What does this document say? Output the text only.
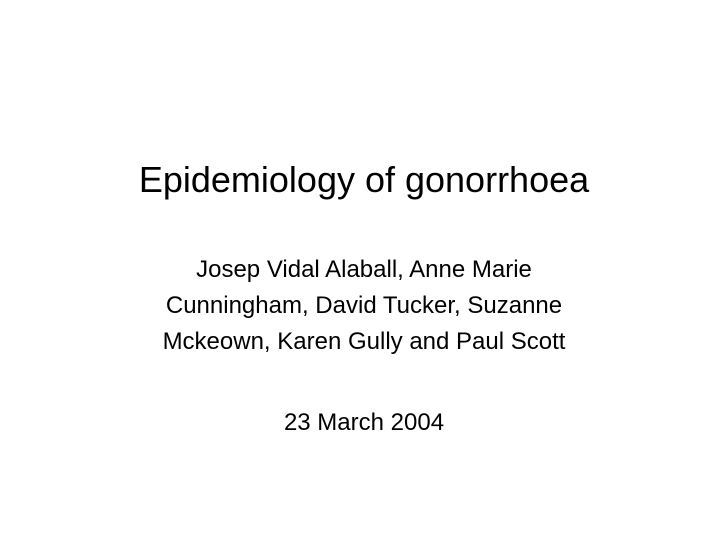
Epidemiology of gonorrhoea
Josep Vidal Alaball, Anne Marie
Cunningham, David Tucker, Suzanne
Mckeown, Karen Gully and Paul Scott
23 March 2004
